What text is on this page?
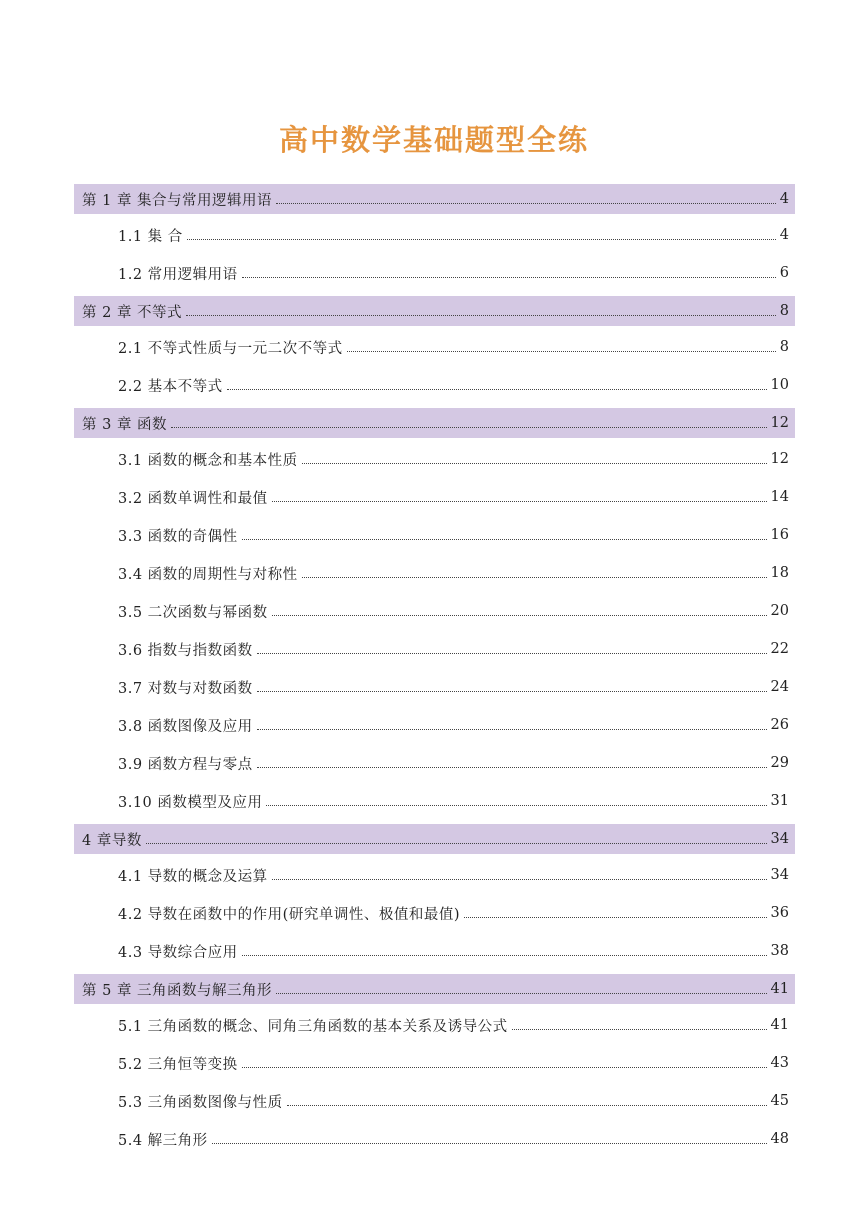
高中数学基础题型全练
第 1 章 集合与常用逻辑用语	4
1.1 集 合	4
1.2 常用逻辑用语	6
第 2 章 不等式	8
2.1 不等式性质与一元二次不等式	8
2.2 基本不等式	10
第 3 章 函数	12
3.1 函数的概念和基本性质	12
3.2 函数单调性和最值	14
3.3 函数的奇偶性	16
3.4 函数的周期性与对称性	18
3.5 二次函数与幂函数	20
3.6 指数与指数函数	22
3.7 对数与对数函数	24
3.8 函数图像及应用	26
3.9 函数方程与零点	29
3.10 函数模型及应用	31
4 章导数	34
4.1 导数的概念及运算	34
4.2 导数在函数中的作用(研究单调性、极值和最值)	36
4.3 导数综合应用	38
第 5 章 三角函数与解三角形	41
5.1 三角函数的概念、同角三角函数的基本关系及诱导公式	41
5.2 三角恒等变换	43
5.3 三角函数图像与性质	45
5.4 解三角形	48
